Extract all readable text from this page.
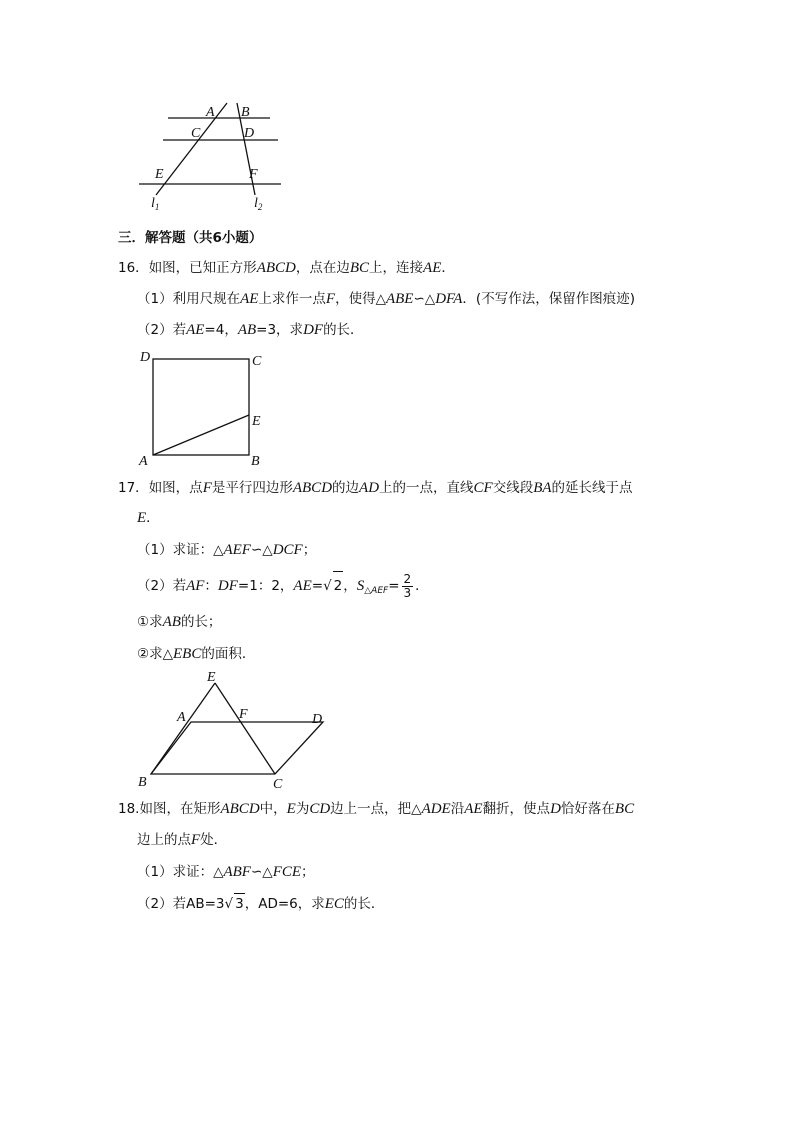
A B
C	D
E	F
$l_1$	$l_2$
三．解答题（共6小题）
16．如图，已知正方形ABCD，点在边BC上，连接AE．
（1）利用尺规在AE上求作一点F，使得△ABE∽△DFA．(不写作法，保留作图痕迹)
（2）若AE=4，AB=3，求DF的长．
D	C
E
A	B
17．如图，点F是平行四边形ABCD的边AD上的一点，直线CF交线段BA的延长线于点
E．
（1）求证：△AEF∽△DCF；
（2）若AF：DF=1：2，AE=√ 2，$S_{\triangle AEF}= \frac{2}{3}$ ．
①求AB的长；
②求△EBC的面积．
E
A	F	D
B	C
18.如图，在矩形ABCD中，E为CD边上一点，把△ADE沿AE翻折，使点D恰好落在BC
边上的点F处．
（1）求证：△ABF∽△FCE；
（2）若AB=3√ 3，AD=6，求EC的长．
